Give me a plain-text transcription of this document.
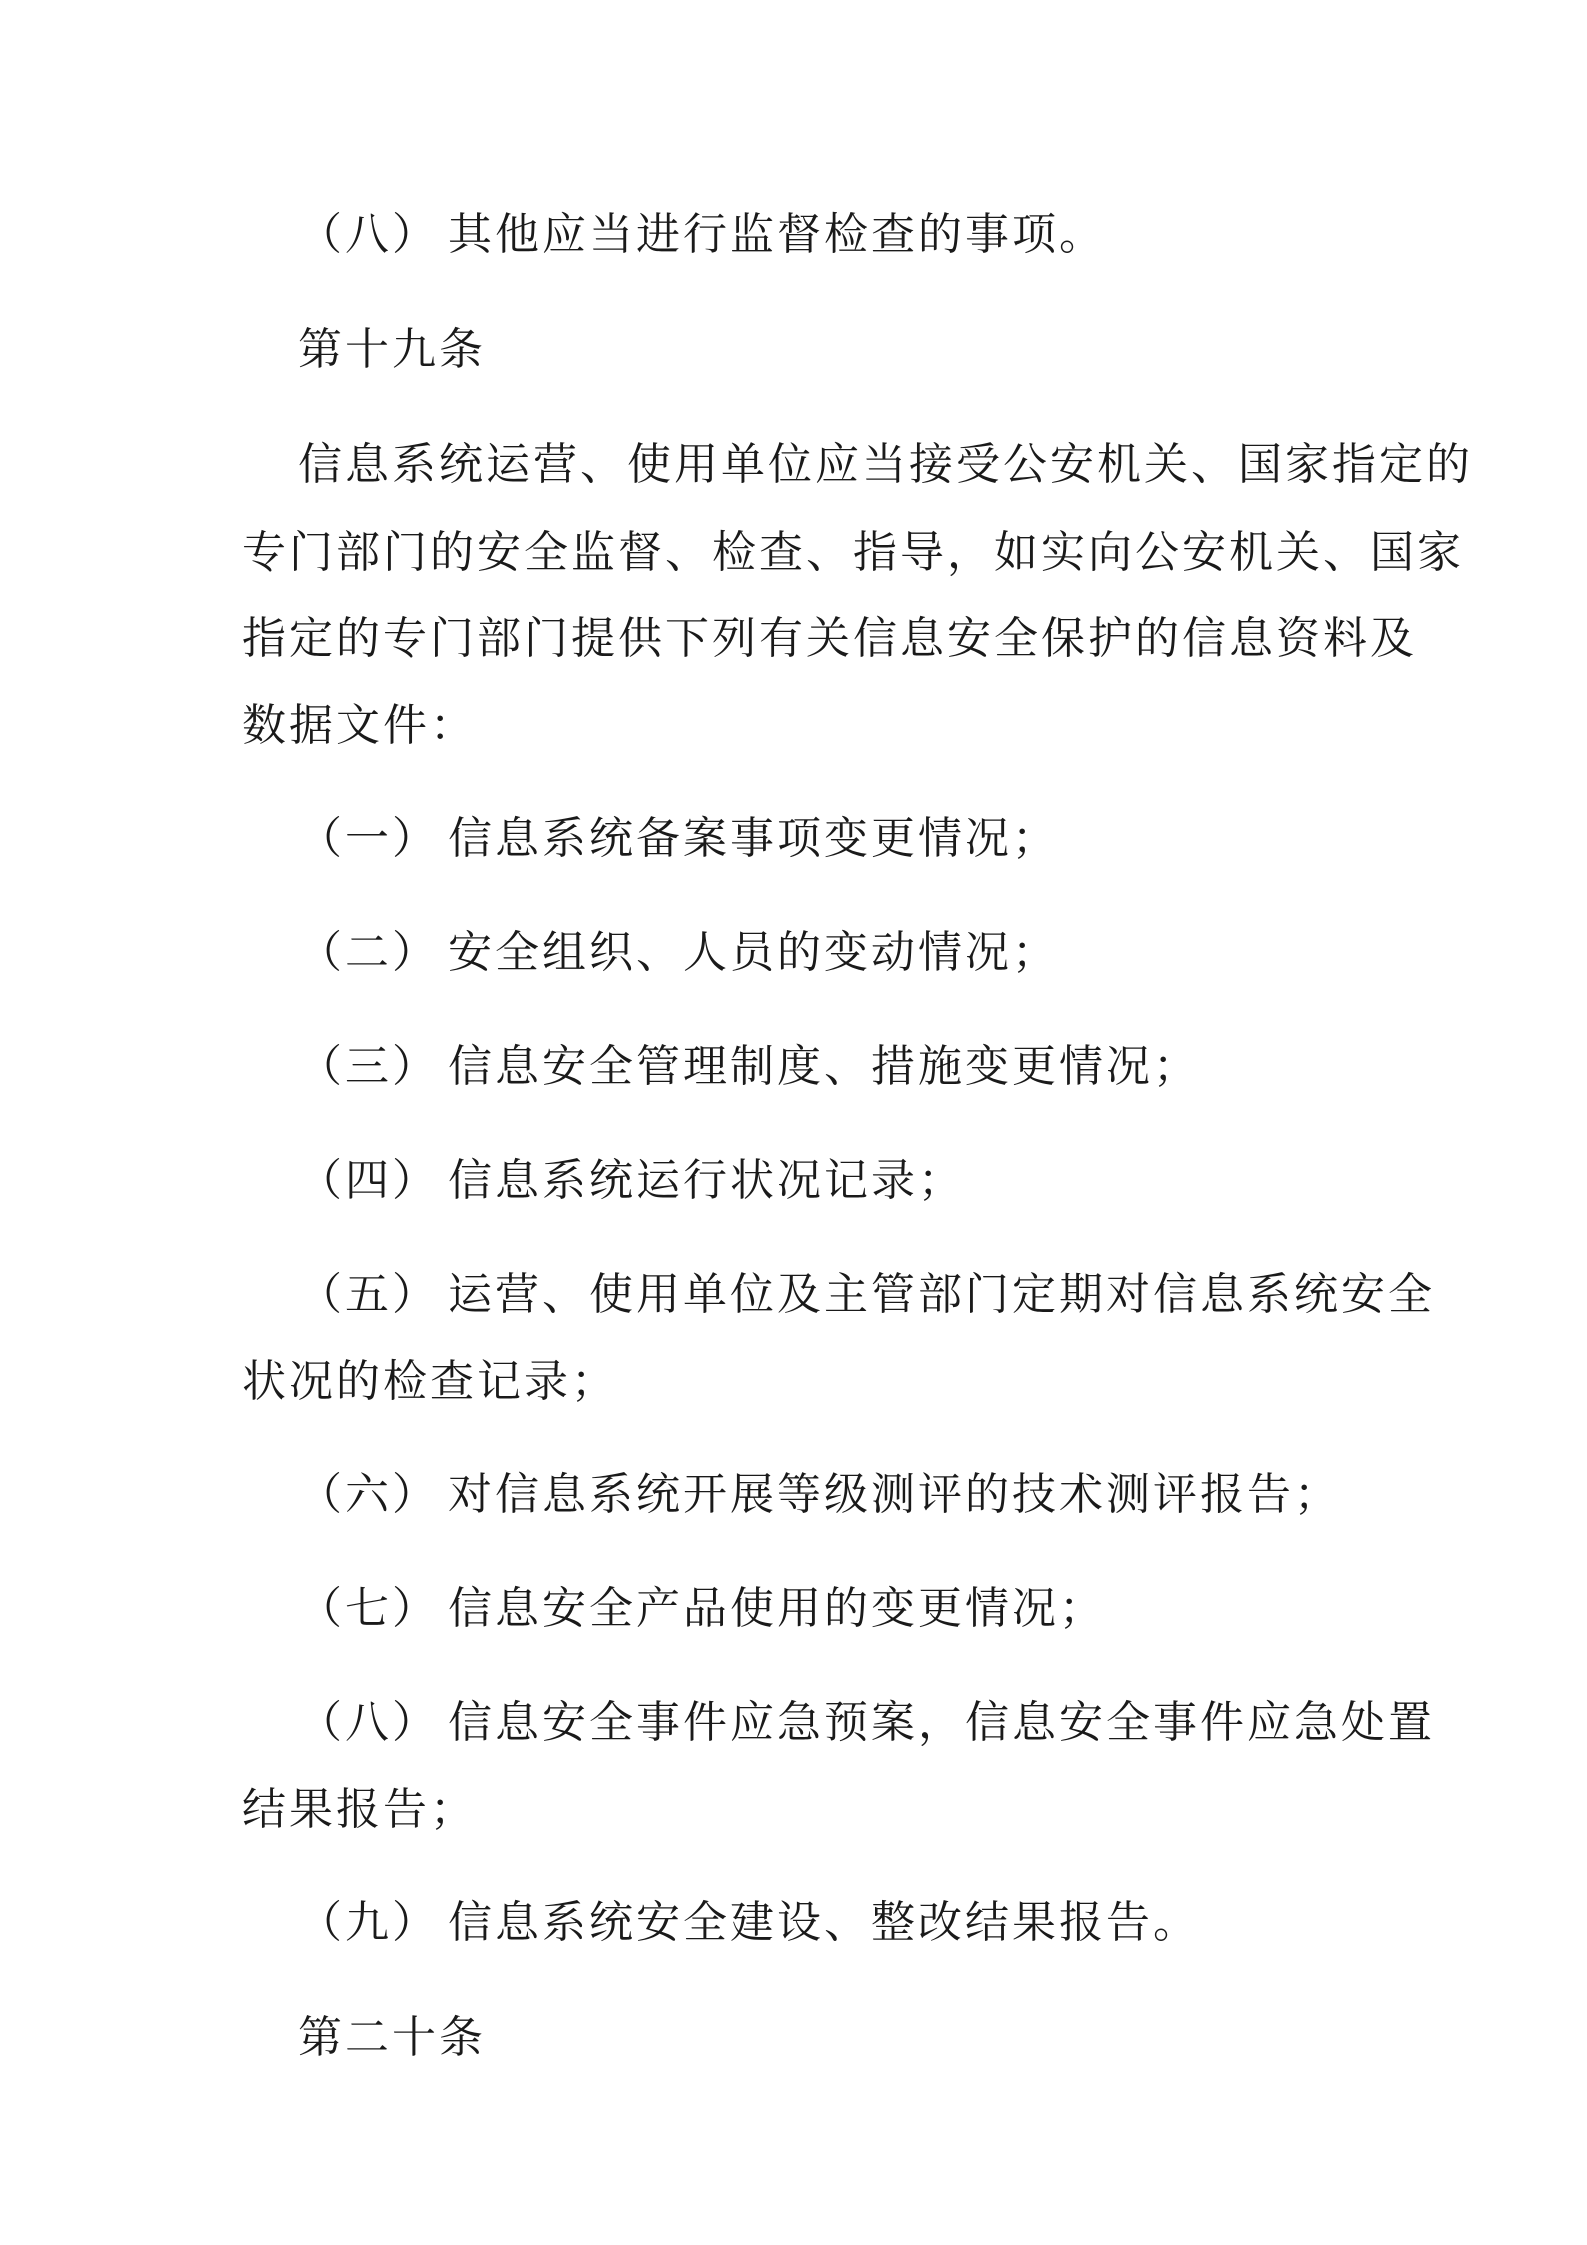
（八） 其他应当进行监督检查的事项。
第十九条
信息系统运营、使用单位应当接受公安机关、国家指定的
专门部门的安全监督、检查、指导，如实向公安机关、国家
指定的专门部门提供下列有关信息安全保护的信息资料及
数据文件：
（一） 信息系统备案事项变更情况；
（二） 安全组织、人员的变动情况；
（三） 信息安全管理制度、措施变更情况；
（四） 信息系统运行状况记录；
（五） 运营、使用单位及主管部门定期对信息系统安全
状况的检查记录；
（六） 对信息系统开展等级测评的技术测评报告；
（七） 信息安全产品使用的变更情况；
（八） 信息安全事件应急预案，信息安全事件应急处置
结果报告；
（九） 信息系统安全建设、整改结果报告。
第二十条
